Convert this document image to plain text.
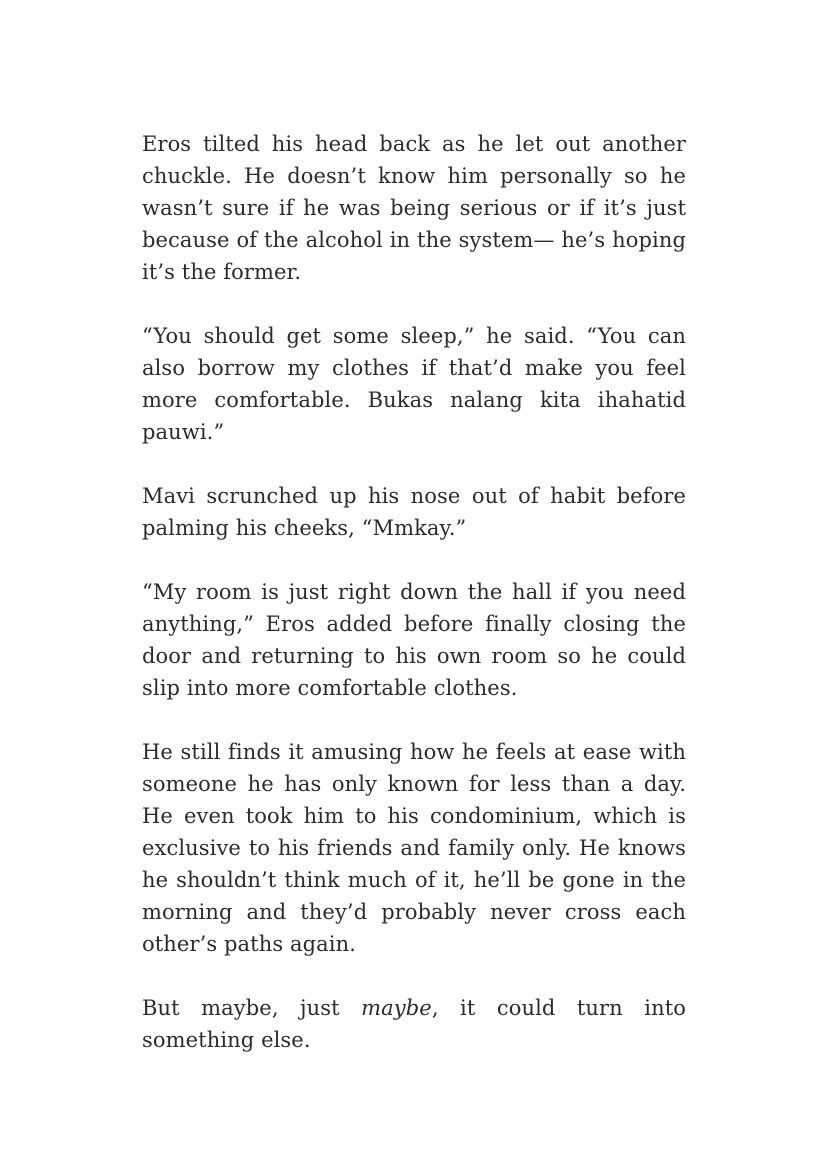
Eros tilted his head back as he let out another chuckle. He doesn’t know him personally so he wasn’t sure if he was being serious or if it’s just because of the alcohol in the system— he’s hoping it’s the former.

“You should get some sleep,” he said. “You can also borrow my clothes if that’d make you feel more comfortable. Bukas nalang kita ihahatid pauwi.”

Mavi scrunched up his nose out of habit before palming his cheeks, “Mmkay.”

“My room is just right down the hall if you need anything,” Eros added before finally closing the door and returning to his own room so he could slip into more comfortable clothes.

He still finds it amusing how he feels at ease with someone he has only known for less than a day. He even took him to his condominium, which is exclusive to his friends and family only. He knows he shouldn’t think much of it, he’ll be gone in the morning and they’d probably never cross each other’s paths again.

But maybe, just maybe, it could turn into something else.
